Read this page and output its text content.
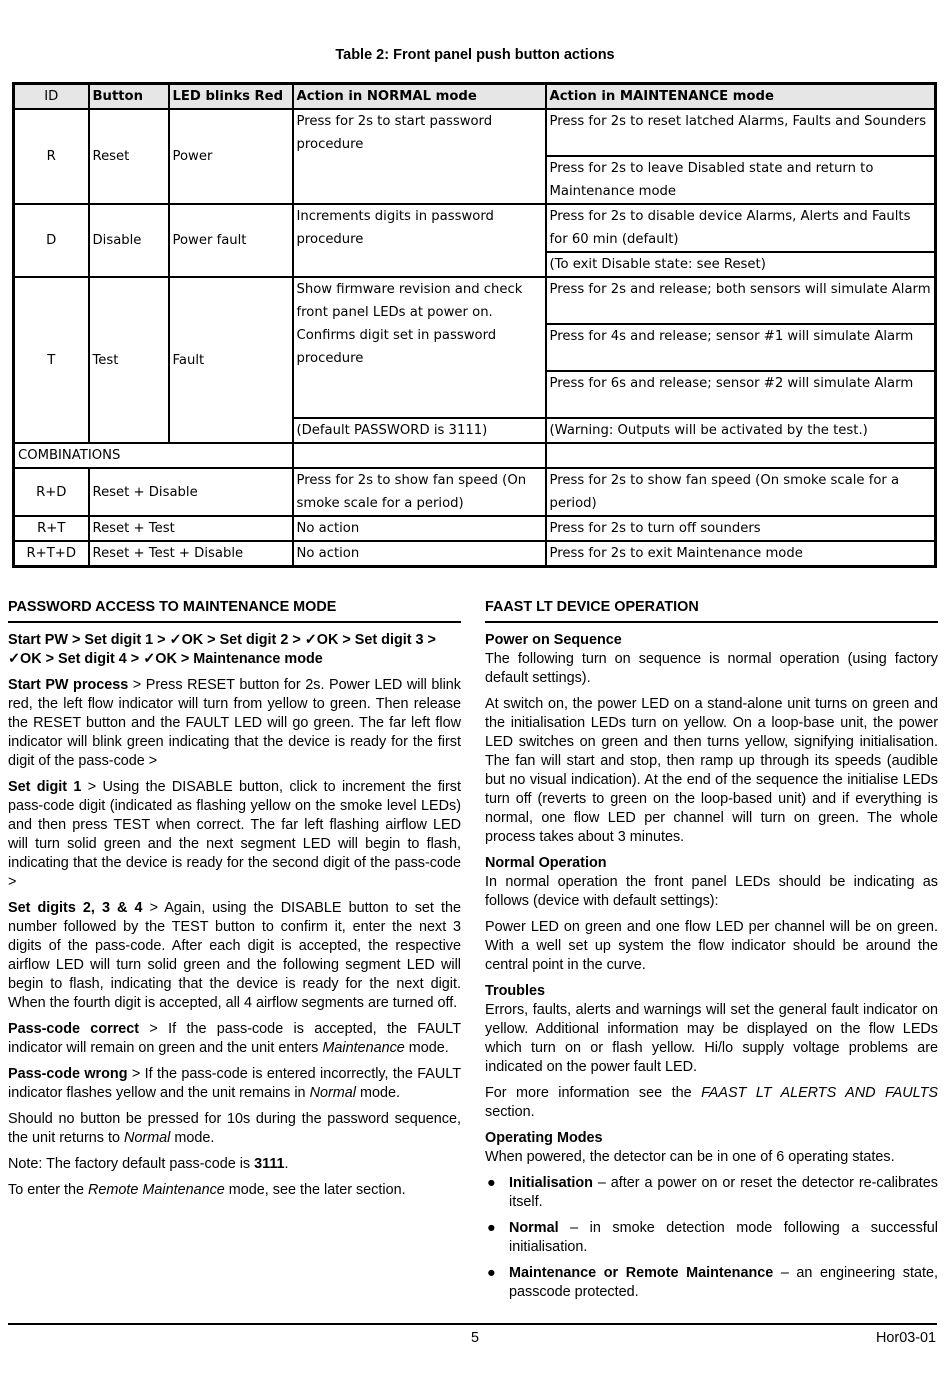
Table 2: Front panel push button actions
ID	Button	LED blinks Red	Action in NORMAL mode	Action in MAINTENANCE mode
R	Reset	Power	Press for 2s to start password procedure	Press for 2s to reset latched Alarms, Faults and Sounders
				Press for 2s to leave Disabled state and return to Maintenance mode
D	Disable	Power fault	Increments digits in password procedure	Press for 2s to disable device Alarms, Alerts and Faults for 60 min (default)
				(To exit Disable state: see Reset)
T	Test	Fault	Show firmware revision and check front panel LEDs at power on. Confirms digit set in password procedure	Press for 2s and release; both sensors will simulate Alarm
				Press for 4s and release; sensor #1 will simulate Alarm
				Press for 6s and release; sensor #2 will simulate Alarm
			(Default PASSWORD is 3111)	(Warning: Outputs will be activated by the test.)
COMBINATIONS				
R+D	Reset + Disable		Press for 2s to show fan speed (On smoke scale for a period)	Press for 2s to show fan speed (On smoke scale for a period)
R+T	Reset + Test		No action	Press for 2s to turn off sounders
R+T+D	Reset + Test + Disable		No action	Press for 2s to exit Maintenance mode
PASSWORD ACCESS TO MAINTENANCE MODE

Start PW > Set digit 1 > ✓OK > Set digit 2 > ✓OK > Set digit 3 > ✓OK > Set digit 4 > ✓OK > Maintenance mode

Start PW process > Press RESET button for 2s. Power LED will blink red, the left flow indicator will turn from yellow to green. Then release the RESET button and the FAULT LED will go green. The far left flow indicator will blink green indicating that the device is ready for the first digit of the pass-code >

Set digit 1 > Using the DISABLE button, click to increment the first pass-code digit (indicated as flashing yellow on the smoke level LEDs) and then press TEST when correct. The far left flashing airflow LED will turn solid green and the next segment LED will begin to flash, indicating that the device is ready for the second digit of the pass-code >

Set digits 2, 3 & 4 > Again, using the DISABLE button to set the number followed by the TEST button to confirm it, enter the next 3 digits of the pass-code. After each digit is accepted, the respective airflow LED will turn solid green and the following segment LED will begin to flash, indicating that the device is ready for the next digit. When the fourth digit is accepted, all 4 airflow segments are turned off.

Pass-code correct > If the pass-code is accepted, the FAULT indicator will remain on green and the unit enters Maintenance mode.

Pass-code wrong > If the pass-code is entered incorrectly, the FAULT indicator flashes yellow and the unit remains in Normal mode.

Should no button be pressed for 10s during the password sequence, the unit returns to Normal mode.

Note: The factory default pass-code is 3111.

To enter the Remote Maintenance mode, see the later section.

FAAST LT DEVICE OPERATION
Power on Sequence

The following turn on sequence is normal operation (using factory default settings).

At switch on, the power LED on a stand-alone unit turns on green and the initialisation LEDs turn on yellow. On a loop-base unit, the power LED switches on green and then turns yellow, signifying initialisation. The fan will start and stop, then ramp up through its speeds (audible but no visual indication). At the end of the sequence the initialise LEDs turn off (reverts to green on the loop-based unit) and if everything is normal, one flow LED per channel will turn on green. The whole process takes about 3 minutes.

Normal Operation

In normal operation the front panel LEDs should be indicating as follows (device with default settings):

Power LED on green and one flow LED per channel will be on green. With a well set up system the flow indicator should be around the central point in the curve.

Troubles

Errors, faults, alerts and warnings will set the general fault indicator on yellow. Additional information may be displayed on the flow LEDs which turn on or flash yellow. Hi/lo supply voltage problems are indicated on the power fault LED.

For more information see the FAAST LT ALERTS AND FAULTS section.

Operating Modes

When powered, the detector can be in one of 6 operating states.

● Initialisation – after a power on or reset the detector re-calibrates itself.
● Normal – in smoke detection mode following a successful initialisation.
● Maintenance or Remote Maintenance – an engineering state, passcode protected.
5	Hor03-01
